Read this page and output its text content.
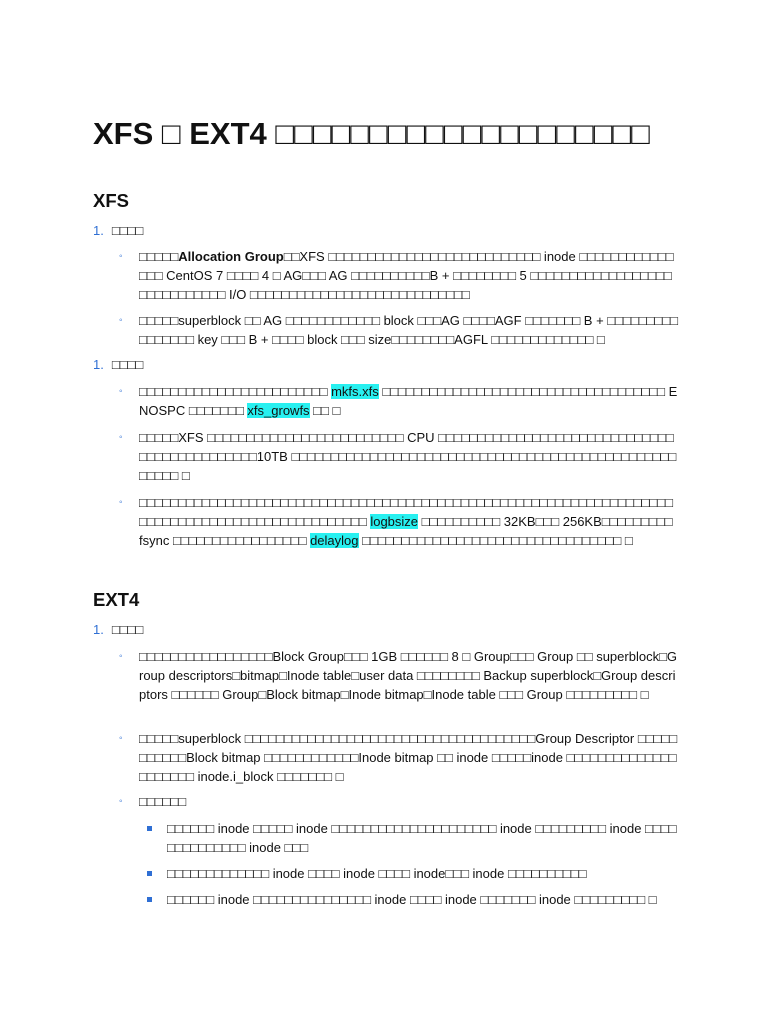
XFS □ EXT4 □□□□□□□□□□□□□□□□□□□□
XFS
1. □□□□
◦ □□□□□Allocation Group□□XFS □□□□□□□□□□□□□□□□□□□□□□□□□□□ inode □□□□□□□□□□□□□□□ CentOS 7 □□□□ 4 □ AG□□□ AG □□□□□□□□□□B + □□□□□□□□ 5 □□□□□□□□□□□□□□□□□□□□□□□□□□□□□ I/O □□□□□□□□□□□□□□□□□□□□□□□□□□□□
◦ □□□□□superblock □□ AG □□□□□□□□□□□□ block □□□AG □□□□AGF □□□□□□□ B + □□□□□□□□□□□□□□□□ key □□□ B + □□□□ block □□□ size□□□□□□□□AGFL □□□□□□□□□□□□□ □
1. □□□□
◦ □□□□□□□□□□□□□□□□□□□□□□□□ mkfs.xfs □□□□□□□□□□□□□□□□□□□□□□□□□□□□□□□□□□□□ ENOSPC □□□□□□□ xfs_growfs □□ □
◦ □□□□□XFS □□□□□□□□□□□□□□□□□□□□□□□□□ CPU □□□□□□□□□□□□□□□□□□□□□□□□□□□□□□□□□□□□□□□□□□□□□10TB □□□□□□□□□□□□□□□□□□□□□□□□□□□□□□□□□□□□□□□□□□□□□□□□□□□□□□ □
◦ □□□□□□□□□□□□□□□□□□□□□□□□□□□□□□□□□□□□□□□□□□□□□□□□□□□□□□□□□□□□□□□□□□□□□□□□□□□□□□□□□□□□□□□□□□□□□□□□□ logbsize □□□□□□□□□□ 32KB□□□ 256KB□□□□□□□□□ fsync □□□□□□□□□□□□□□□□□ delaylog □□□□□□□□□□□□□□□□□□□□□□□□□□□□□□□□□ □
EXT4
1. □□□□
◦ □□□□□□□□□□□□□□□□□Block Group□□□ 1GB □□□□□□ 8 □ Group□□□ Group □□ superblock□Group descriptors□bitmap□Inode table□user data □□□□□□□□ Backup superblock□Group descriptors □□□□□□ Group□Block bitmap□Inode bitmap□Inode table □□□ Group □□□□□□□□□ □
◦ □□□□□superblock □□□□□□□□□□□□□□□□□□□□□□□□□□□□□□□□□□□□□Group Descriptor □□□□□□□□□□□Block bitmap □□□□□□□□□□□□Inode bitmap □□ inode □□□□□inode □□□□□□□□□□□□□□□□□□□□□ inode.i_block □□□□□□□ □
◦ □□□□□□
□□□□□□ inode □□□□□ inode □□□□□□□□□□□□□□□□□□□□□ inode □□□□□□□□□ inode □□□□□□□□□□□□□□ inode □□□
□□□□□□□□□□□□□ inode □□□□ inode □□□□ inode□□□ inode □□□□□□□□□□
□□□□□□ inode □□□□□□□□□□□□□□□ inode □□□□ inode □□□□□□□ inode □□□□□□□□□ □
